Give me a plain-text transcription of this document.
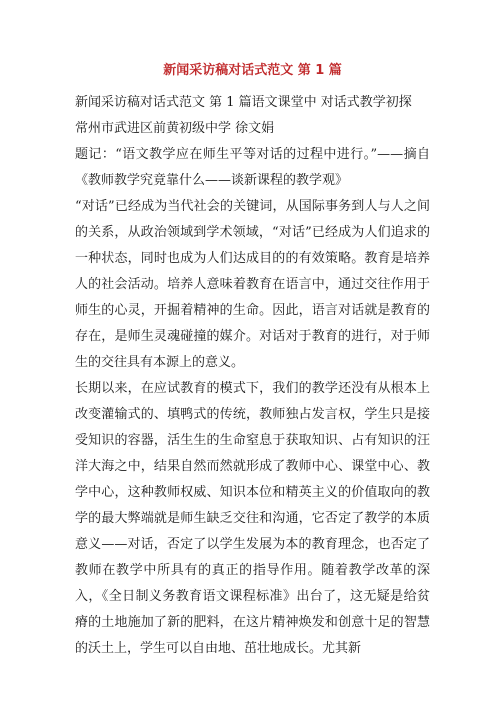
新闻采访稿对话式范文 第 1 篇

新闻采访稿对话式范文 第 1 篇语文课堂中 对话式教学初探

常州市武进区前黄初级中学 徐文娟

题记：“语文教学应在师生平等对话的过程中进行。”——摘自《教师教学究竟靠什么——谈新课程的教学观》

“对话”已经成为当代社会的关键词，从国际事务到人与人之间的关系，从政治领域到学术领域，“对话”已经成为人们追求的一种状态，同时也成为人们达成目的的有效策略。教育是培养人的社会活动。培养人意味着教育在语言中，通过交往作用于师生的心灵，开掘着精神的生命。因此，语言对话就是教育的存在，是师生灵魂碰撞的媒介。对话对于教育的进行，对于师生的交往具有本源上的意义。

长期以来，在应试教育的模式下，我们的教学还没有从根本上改变灌输式的、填鸭式的传统，教师独占发言权，学生只是接受知识的容器，活生生的生命窒息于获取知识、占有知识的汪洋大海之中，结果自然而然就形成了教师中心、课堂中心、教学中心，这种教师权威、知识本位和精英主义的价值取向的教学的最大弊端就是师生缺乏交往和沟通，它否定了教学的本质意义——对话，否定了以学生发展为本的教育理念，也否定了教师在教学中所具有的真正的指导作用。随着教学改革的深入，《全日制义务教育语文课程标准》出台了，这无疑是给贫瘠的土地施加了新的肥料，在这片精神焕发和创意十足的智慧的沃土上，学生可以自由地、茁壮地成长。尤其新
